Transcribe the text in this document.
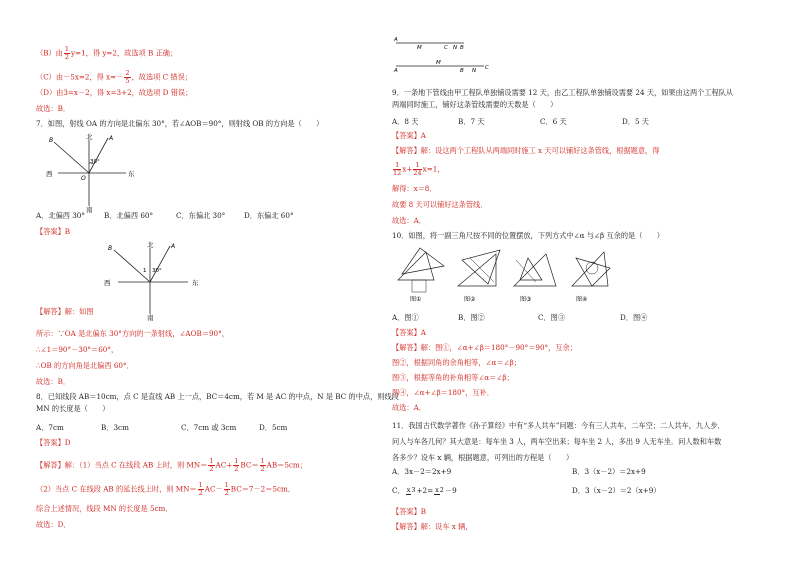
（B）由 $\frac{1}{2} y=1$，得 y=2，故选项 B 正确；
（C）由－5x=2，得 $x=- \frac{2}{5}$ ，故选项 C 错误；
（D）由3=x－2，得 x=3+2，故选项 D 错误；
故选：B．
7．如图，射线 OA 的方向是北偏东 30°，若∠AOB＝90°，则射线 OB 的方向是（　　）
北
东
南
西
30°
A
O
B
A．北偏西 30°	B．北偏西 60°	C．东偏北 30°	D．东偏北 60°
【答案】B
北
东
南
西
1 30°
A
B
【解答】解：如图
所示：∵OA 是北偏东 30°方向的一条射线，∠AOB＝90°，
∴∠1＝90°－30°＝60°，
∴OB 的方向角是北偏西 60°．
故选：B．
8．已知线段 AB＝10cm，点 C 是直线 AB 上一点，BC＝4cm，若 M 是 AC 的中点，N 是 BC 的中点，则线段
MN 的长度是（　　）
A．7cm	B．3cm	C．7cm 或 3cm	D．5cm
【答案】D
【解答】解：（1）当点 C 在线段 AB 上时，则 $MN= \frac{1}{2} AC+ \frac{1}{2} BC= \frac{1}{2} AB=5cm$；
（2）当点 C 在线段 AB 的延长线上时，则 $MN= \frac{1}{2} AC- \frac{1}{2} BC=7-2=5cm$．
综合上述情况，线段 MN 的长度是 5cm．
故选：D．
A
M	C N B
A
M
B N C
9．一条地下管线由甲工程队单独铺设需要 12 天，由乙工程队单独铺设需要 24 天，如果由这两个工程队从
两端同时施工，铺好这条管线需要的天数是（　　）
A．8 天	B．7 天	C．6 天	D．5 天
【答案】A
【解答】解：设这两个工程队从两端同时施工 x 天可以铺好这条管线，根据题意，得
$\frac{1}{12} x+ \frac{1}{24} x=1$，
解得：x＝8．
故要 8 天可以铺好这条管线．
故选：A．
10．如图，将一副三角尺按不同的位置摆放，下列方式中∠α 与∠β 互余的是（　　）
图①	图②	图③	图④
A．图①	B．图②	C．图③	D．图④
【答案】A
【解答】解：图①，∠α+∠β＝180°－90°＝90°，互余；
图②，根据同角的余角相等，∠α＝∠β；
图③，根据等角的补角相等∠α＝∠β；
图④，∠α+∠β＝180°，互补．
故选：A．
11．我国古代数学著作《孙子算经》中有“多人共车”问题：今有三人共车，二车空；二人共车，九人步．
问人与车各几何？其大意是：每车坐 3 人，两车空出来；每车坐 2 人，多出 9 人无车坐．问人数和车数
各多少？设车 x 辆，根据题意，可列出的方程是（　　）
A．3x－2＝2x+9	B．3（x－2）＝2x+9
C． x3+2= x2－9	D．3（x－2）＝2（x+9）
【答案】B
【解答】解：设车 x 辆，
